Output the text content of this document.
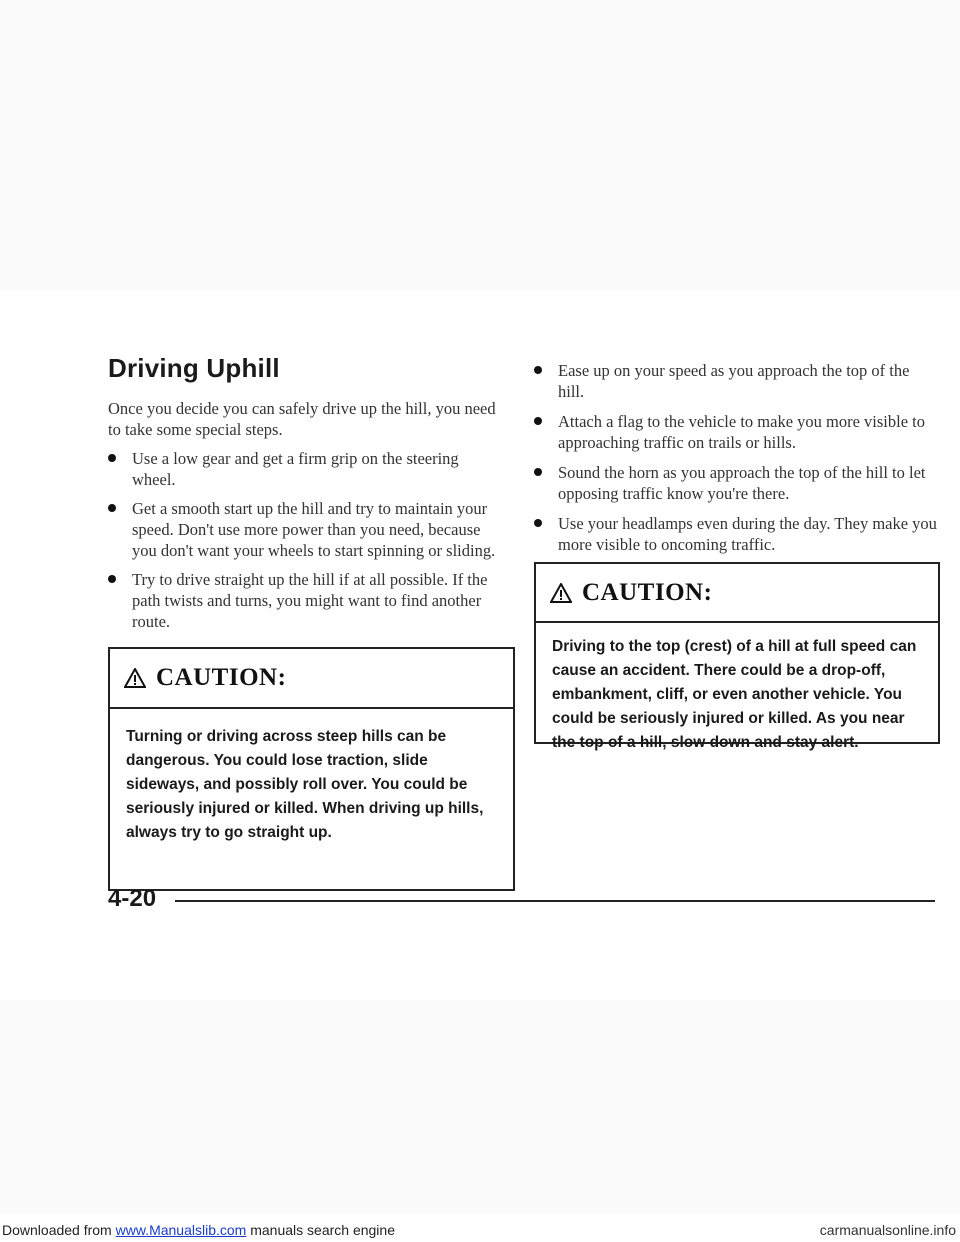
Driving Uphill

Once you decide you can safely drive up the hill, you need to take some special steps.

Use a low gear and get a firm grip on the steering wheel.
Get a smooth start up the hill and try to maintain your speed. Don't use more power than you need, because you don't want your wheels to start spinning or sliding.
Try to drive straight up the hill if at all possible. If the path twists and turns, you might want to find another route.
CAUTION:
Turning or driving across steep hills can be dangerous. You could lose traction, slide sideways, and possibly roll over. You could be seriously injured or killed. When driving up hills, always try to go straight up.
Ease up on your speed as you approach the top of the hill.
Attach a flag to the vehicle to make you more visible to approaching traffic on trails or hills.
Sound the horn as you approach the top of the hill to let opposing traffic know you're there.
Use your headlamps even during the day. They make you more visible to oncoming traffic.
CAUTION:
Driving to the top (crest) of a hill at full speed can cause an accident. There could be a drop-off, embankment, cliff, or even another vehicle. You could be seriously injured or killed. As you near the top of a hill, slow down and stay alert.
4-20
Downloaded from www.Manualslib.com manuals search engine	carmanualsonline.info
